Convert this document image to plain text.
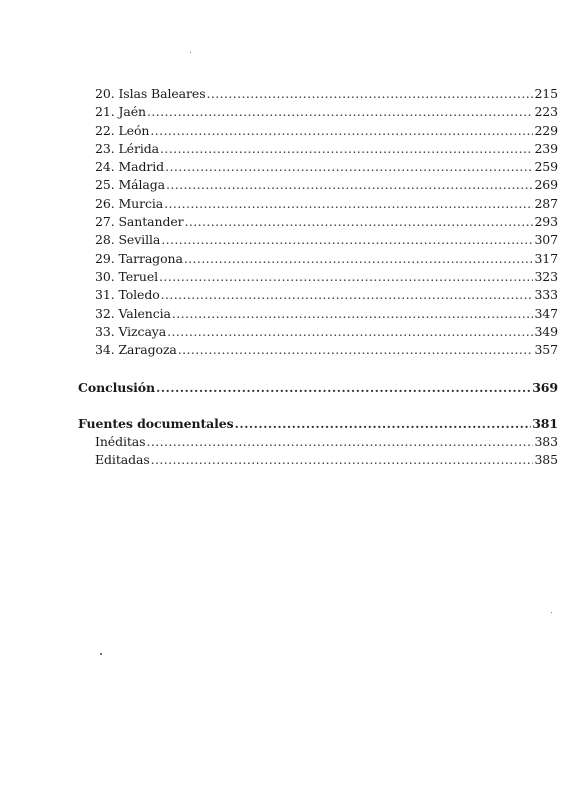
20. Islas Baleares .....	215
21. Jaén .....	223
22. León .....	229
23. Lérida .....	239
24. Madrid .....	259
25. Málaga .....	269
26. Murcia .....	287
27. Santander .....	293
28. Sevilla .....	307
29. Tarragona .....	317
30. Teruel .....	323
31. Toledo .....	333
32. Valencia .....	347
33. Vizcaya .....	349
34. Zaragoza .....	357
Conclusión .....	369
Fuentes documentales .....	381
Inéditas .....	383
Editadas .....	385
